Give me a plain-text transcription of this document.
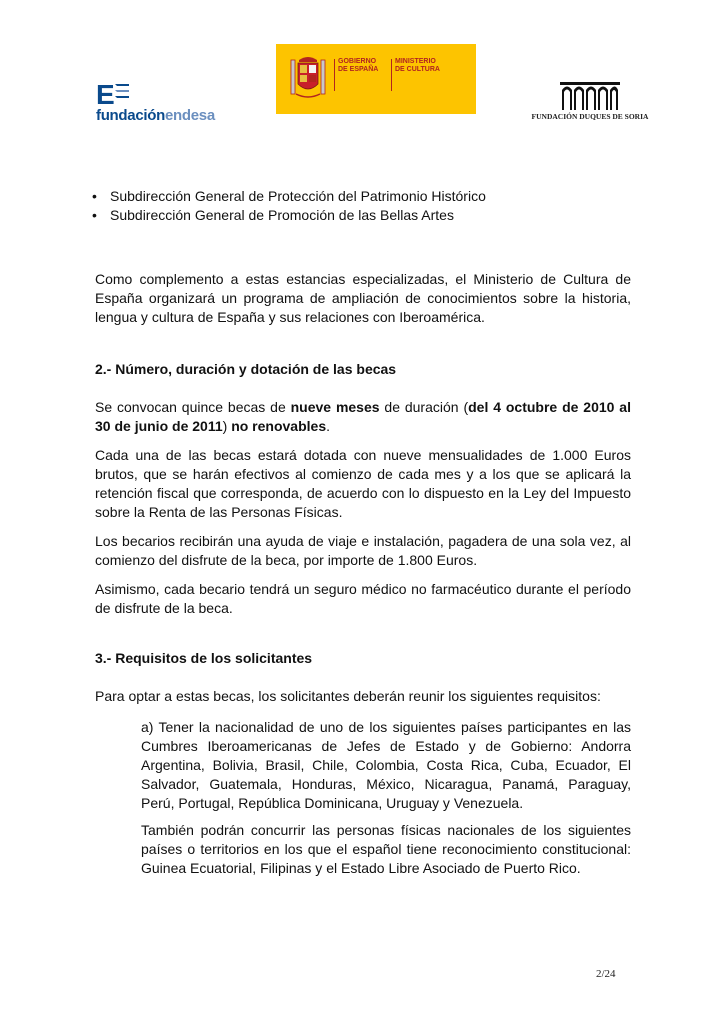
E
fundaciónendesa
GOBIERNO
DE ESPAÑA
MINISTERIO
DE CULTURA
FUNDACIÓN DUQUES DE SORIA
• Subdirección General de Protección del Patrimonio Histórico
• Subdirección General de Promoción de las Bellas Artes

Como complemento a estas estancias especializadas, el Ministerio de Cultura de España organizará un programa de ampliación de conocimientos sobre la historia, lengua y cultura de España y sus relaciones con Iberoamérica.

2.- Número, duración y dotación de las becas

Se convocan quince becas de nueve meses de duración (del 4 octubre de 2010 al 30 de junio de 2011) no renovables.

Cada una de las becas estará dotada con nueve mensualidades de 1.000 Euros brutos, que se harán efectivos al comienzo de cada mes y a los que se aplicará la retención fiscal que corresponda, de acuerdo con lo dispuesto en la Ley del Impuesto sobre la Renta de las Personas Físicas.

Los becarios recibirán una ayuda de viaje e instalación, pagadera de una sola vez, al comienzo del disfrute de la beca, por importe de 1.800 Euros.

Asimismo, cada becario tendrá un seguro médico no farmacéutico durante el período de disfrute de la beca.

3.- Requisitos de los solicitantes

Para optar a estas becas, los solicitantes deberán reunir los siguientes requisitos:

a) Tener la nacionalidad de uno de los siguientes países participantes en las Cumbres Iberoamericanas de Jefes de Estado y de Gobierno: Andorra Argentina, Bolivia, Brasil, Chile, Colombia, Costa Rica, Cuba, Ecuador, El Salvador, Guatemala, Honduras, México, Nicaragua, Panamá, Paraguay, Perú, Portugal, República Dominicana, Uruguay y Venezuela.

También podrán concurrir las personas físicas nacionales de los siguientes países o territorios en los que el español tiene reconocimiento constitucional: Guinea Ecuatorial, Filipinas y el Estado Libre Asociado de Puerto Rico.

2/24
